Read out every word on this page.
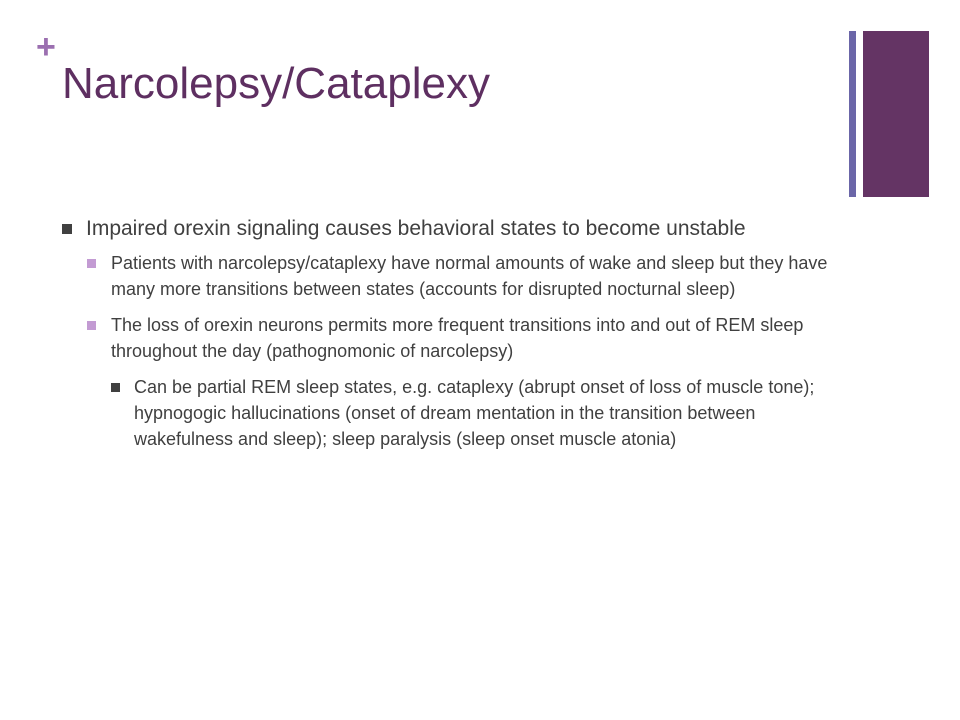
+
Narcolepsy/Cataplexy
Impaired orexin signaling causes behavioral states to become unstable
Patients with narcolepsy/cataplexy have normal amounts of wake and sleep but they have many more transitions between states (accounts for disrupted nocturnal sleep)
The loss of orexin neurons permits more frequent transitions into and out of REM sleep throughout the day (pathognomonic of narcolepsy)
Can be partial REM sleep states, e.g. cataplexy (abrupt onset of loss of muscle tone); hypnogogic hallucinations (onset of dream mentation in the transition between wakefulness and sleep); sleep paralysis (sleep onset muscle atonia)
